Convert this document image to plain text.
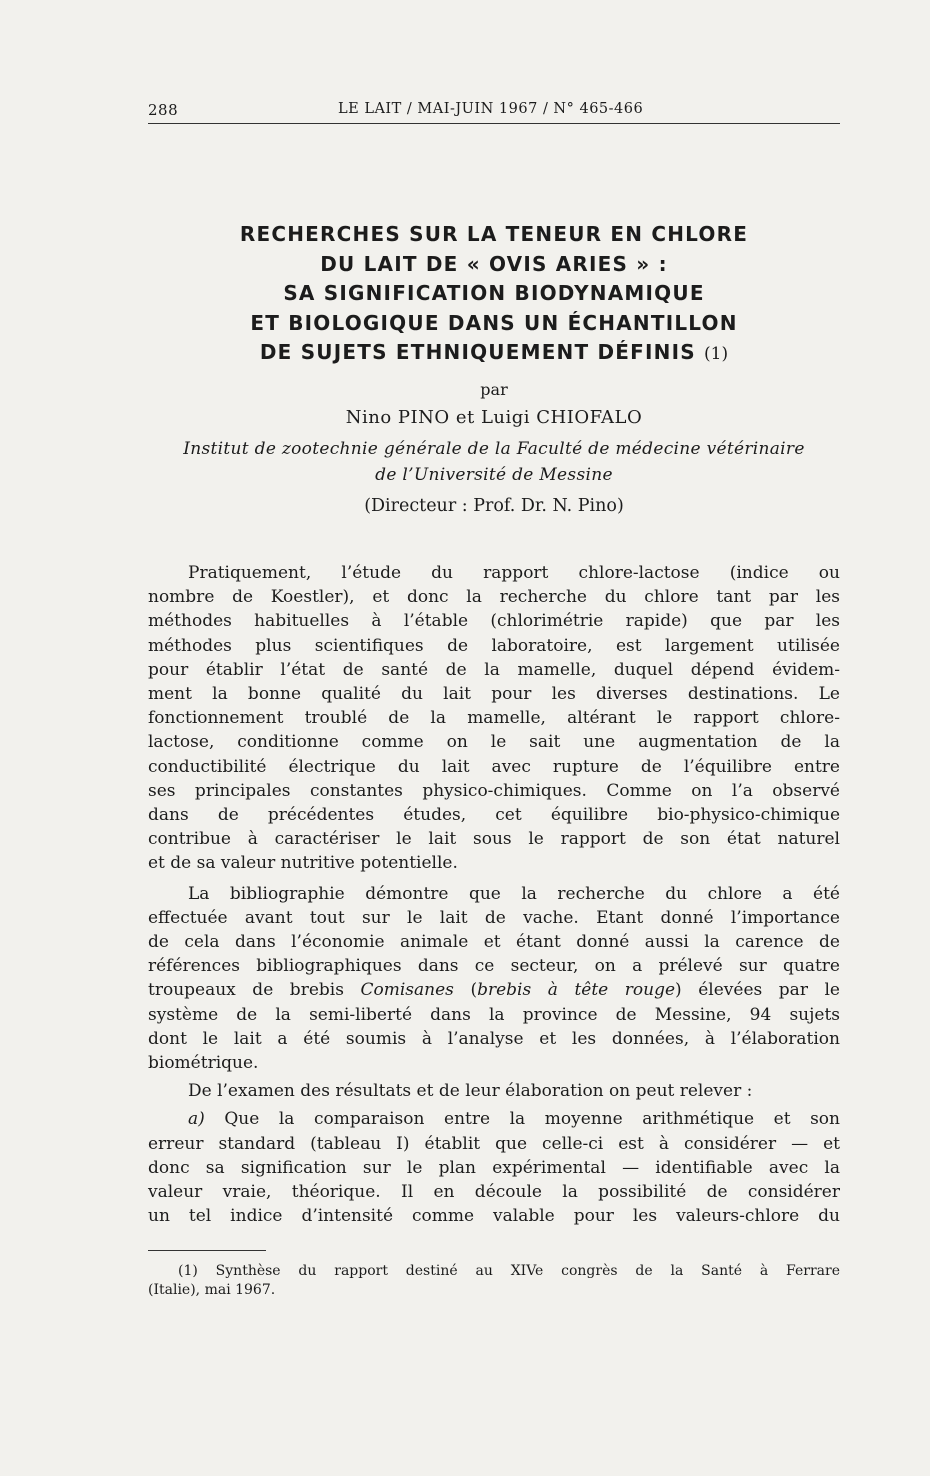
288	LE LAIT / MAI-JUIN 1967 / N° 465-466
RECHERCHES SUR LA TENEUR EN CHLORE
DU LAIT DE « OVIS ARIES » :
SA SIGNIFICATION BIODYNAMIQUE
ET BIOLOGIQUE DANS UN ÉCHANTILLON
DE SUJETS ETHNIQUEMENT DÉFINIS (1)
par
Nino PINO et Luigi CHIOFALO
Institut de zootechnie générale de la Faculté de médecine vétérinaire
de l’Université de Messine
(Directeur : Prof. Dr. N. Pino)

Pratiquement, l’étude du rapport chlore-lactose (indice ou

nombre de Koestler), et donc la recherche du chlore tant par les

méthodes habituelles à l’étable (chlorimétrie rapide) que par les

méthodes plus scientifiques de laboratoire, est largement utilisée

pour établir l’état de santé de la mamelle, duquel dépend évidem-

ment la bonne qualité du lait pour les diverses destinations. Le

fonctionnement troublé de la mamelle, altérant le rapport chlore-

lactose, conditionne comme on le sait une augmentation de la

conductibilité électrique du lait avec rupture de l’équilibre entre

ses principales constantes physico-chimiques. Comme on l’a observé

dans de précédentes études, cet équilibre bio-physico-chimique

contribue à caractériser le lait sous le rapport de son état naturel

et de sa valeur nutritive potentielle.

La bibliographie démontre que la recherche du chlore a été

effectuée avant tout sur le lait de vache. Etant donné l’importance

de cela dans l’économie animale et étant donné aussi la carence de

références bibliographiques dans ce secteur, on a prélevé sur quatre

troupeaux de brebis Comisanes (brebis à tête rouge) élevées par le

système de la semi-liberté dans la province de Messine, 94 sujets

dont le lait a été soumis à l’analyse et les données, à l’élaboration

biométrique.

De l’examen des résultats et de leur élaboration on peut relever :

a) Que la comparaison entre la moyenne arithmétique et son

erreur standard (tableau I) établit que celle-ci est à considérer — et

donc sa signification sur le plan expérimental — identifiable avec la

valeur vraie, théorique. Il en découle la possibilité de considérer

un tel indice d’intensité comme valable pour les valeurs-chlore du

(1) Synthèse du rapport destiné au XIVe congrès de la Santé à Ferrare

(Italie), mai 1967.
